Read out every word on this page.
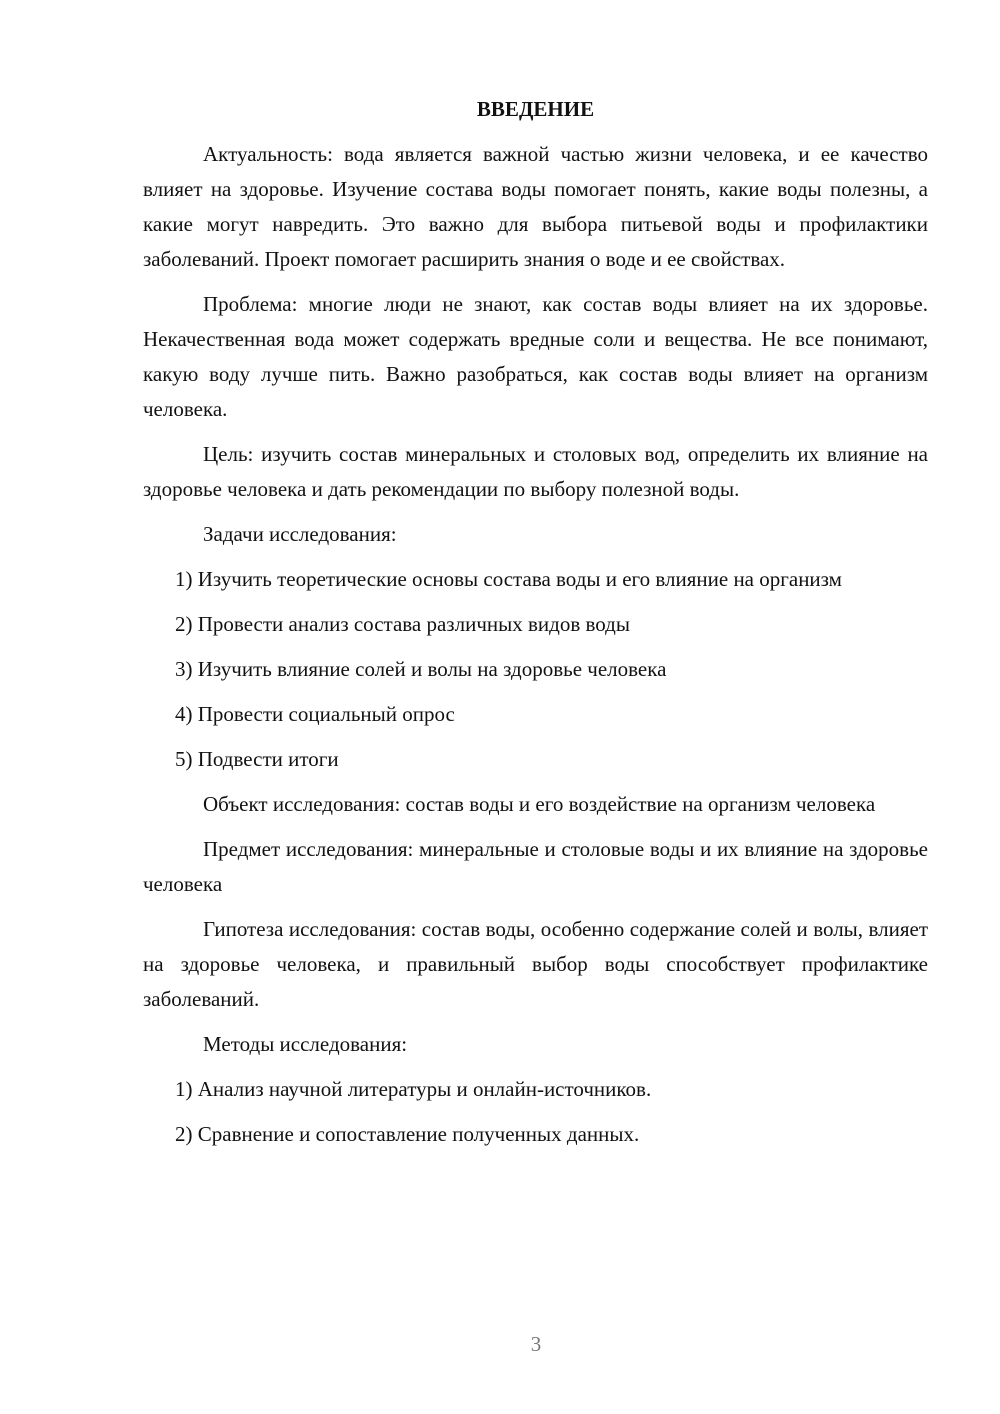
ВВЕДЕНИЕ

Актуальность: вода является важной частью жизни человека, и ее качество влияет на здоровье. Изучение состава воды помогает понять, какие воды полезны, а какие могут навредить. Это важно для выбора питьевой воды и профилактики заболеваний. Проект помогает расширить знания о воде и ее свойствах.

Проблема: многие люди не знают, как состав воды влияет на их здоровье. Некачественная вода может содержать вредные соли и вещества. Не все понимают, какую воду лучше пить. Важно разобраться, как состав воды влияет на организм человека.

Цель: изучить состав минеральных и столовых вод, определить их влияние на здоровье человека и дать рекомендации по выбору полезной воды.

Задачи исследования:

1) Изучить теоретические основы состава воды и его влияние на организм

2) Провести анализ состава различных видов воды

3) Изучить влияние солей и волы на здоровье человека

4) Провести социальный опрос

5) Подвести итоги

Объект исследования: состав воды и его воздействие на организм человека

Предмет исследования: минеральные и столовые воды и их влияние на здоровье человека

Гипотеза исследования: состав воды, особенно содержание солей и волы, влияет на здоровье человека, и правильный выбор воды способствует профилактике заболеваний.

Методы исследования:

1) Анализ научной литературы и онлайн-источников.

2) Сравнение и сопоставление полученных данных.

3
